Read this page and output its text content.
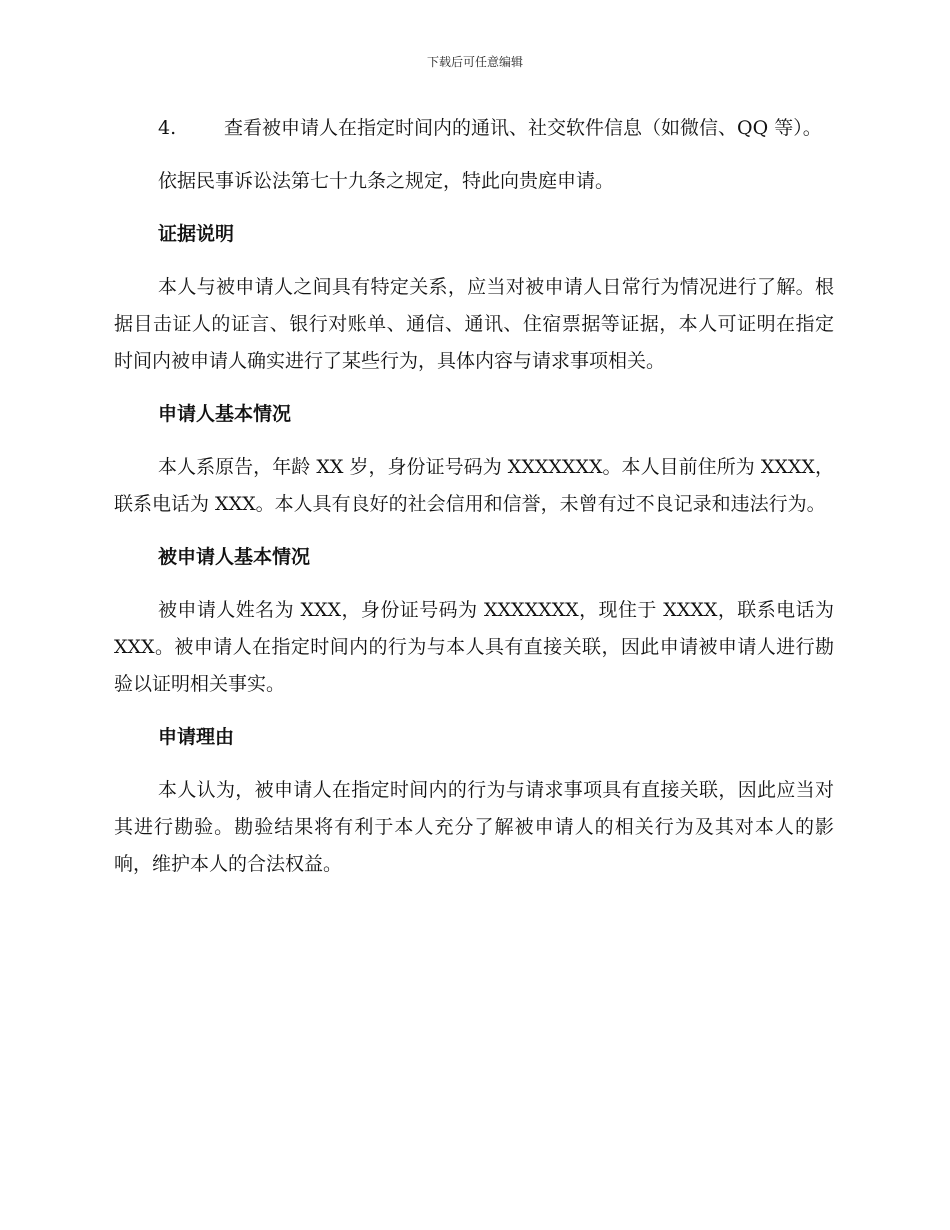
下载后可任意编辑

4.	查看被申请人在指定时间内的通讯、社交软件信息（如微信、QQ 等）。

依据民事诉讼法第七十九条之规定，特此向贵庭申请。

证据说明

本人与被申请人之间具有特定关系，应当对被申请人日常行为情况进行了解。根据目击证人的证言、银行对账单、通信、通讯、住宿票据等证据，本人可证明在指定时间内被申请人确实进行了某些行为，具体内容与请求事项相关。

申请人基本情况

本人系原告，年龄 XX 岁，身份证号码为 XXXXXXX。本人目前住所为 XXXX，联系电话为 XXX。本人具有良好的社会信用和信誉，未曾有过不良记录和违法行为。

被申请人基本情况

被申请人姓名为 XXX，身份证号码为 XXXXXXX，现住于 XXXX，联系电话为 XXX。被申请人在指定时间内的行为与本人具有直接关联，因此申请被申请人进行勘验以证明相关事实。

申请理由

本人认为，被申请人在指定时间内的行为与请求事项具有直接关联，因此应当对其进行勘验。勘验结果将有利于本人充分了解被申请人的相关行为及其对本人的影响，维护本人的合法权益。
